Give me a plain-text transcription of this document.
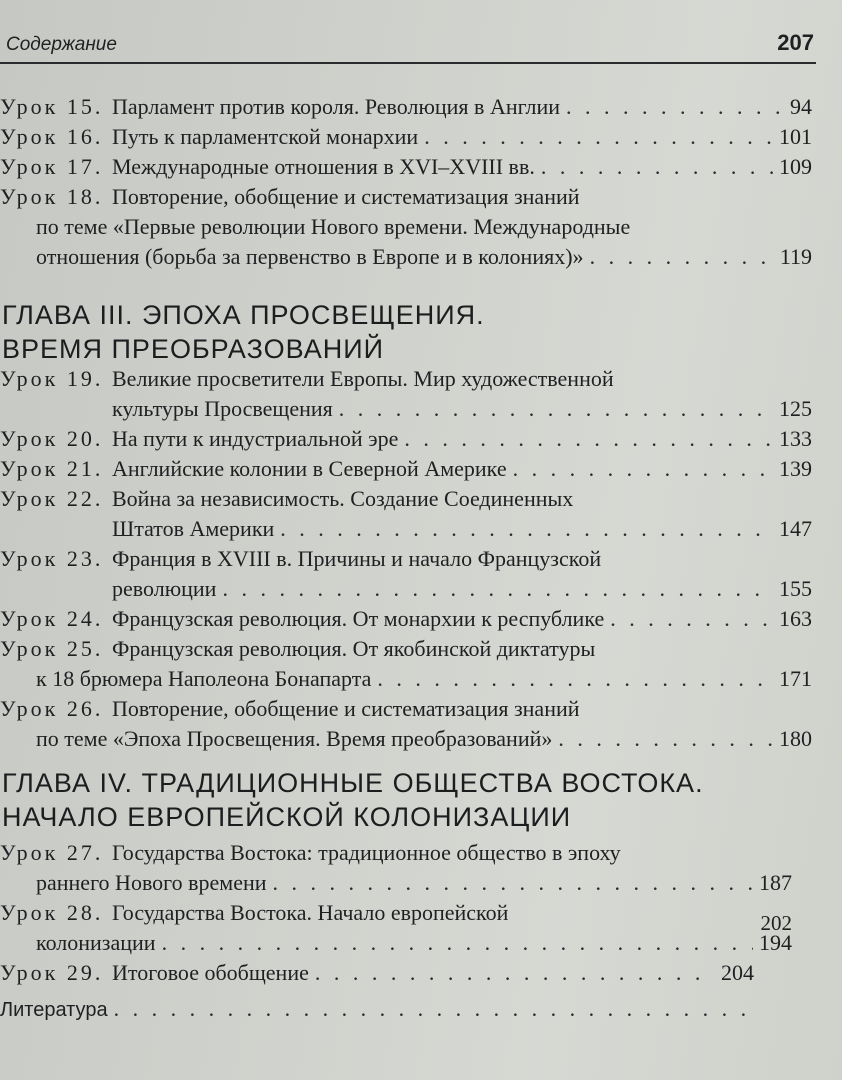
Содержание	207
Урок 15. Парламент против короля. Революция в Англии . . .	94
Урок 16. Путь к парламентской монархии . . .	101
Урок 17. Международные отношения в XVI–XVIII вв. . . .	109
Урок 18. Повторение, обобщение и систематизация знаний
по теме «Первые революции Нового времени. Международные
отношения (борьба за первенство в Европе и в колониях)» . . .	119
ГЛАВА III. ЭПОХА ПРОСВЕЩЕНИЯ.
ВРЕМЯ ПРЕОБРАЗОВАНИЙ
Урок 19. Великие просветители Европы. Мир художественной
культуры Просвещения . . .	125
Урок 20. На пути к индустриальной эре . . .	133
Урок 21. Английские колонии в Северной Америке . . .	139
Урок 22. Война за независимость. Создание Соединенных
Штатов Америки . . .	147
Урок 23. Франция в XVIII в. Причины и начало Французской
революции . . .	155
Урок 24. Французская революция. От монархии к республике . . .	163
Урок 25. Французская революция. От якобинской диктатуры
к 18 брюмера Наполеона Бонапарта . . .	171
Урок 26. Повторение, обобщение и систематизация знаний
по теме «Эпоха Просвещения. Время преобразований» . . .	180
ГЛАВА IV. ТРАДИЦИОННЫЕ ОБЩЕСТВА ВОСТОКА.
НАЧАЛО ЕВРОПЕЙСКОЙ КОЛОНИЗАЦИИ
Урок 27. Государства Востока: традиционное общество в эпоху
раннего Нового времени . . .	187
Урок 28. Государства Востока. Начало европейской
колонизации . . .	194
202
Урок 29. Итоговое обобщение . . .	204
Литература
. . .
